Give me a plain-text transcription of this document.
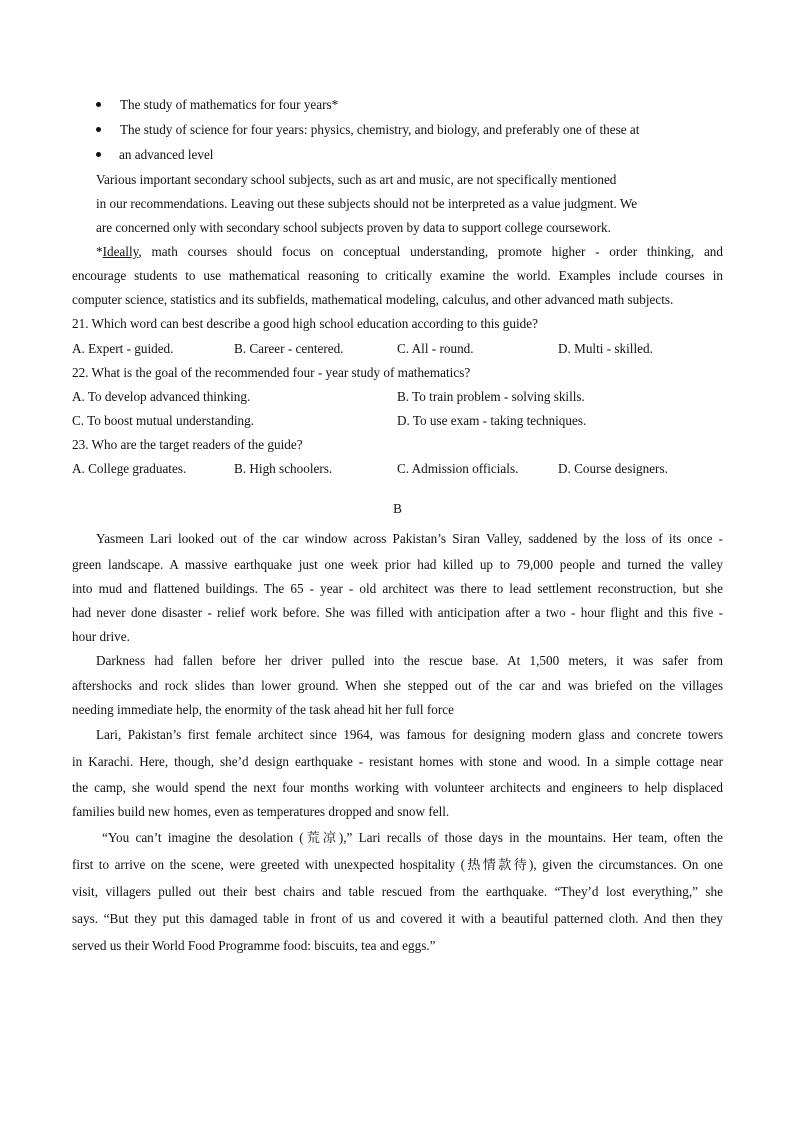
The study of mathematics for four years*
The study of science for four years: physics, chemistry, and biology, and preferably one of these at
an advanced level
Various important secondary school subjects, such as art and music, are not specifically mentioned
in our recommendations. Leaving out these subjects should not be interpreted as a value judgment. We
are concerned only with secondary school subjects proven by data to support college coursework.
*Ideally, math courses should focus on conceptual understanding, promote higher - order thinking, and
encourage students to use mathematical reasoning to critically examine the world. Examples include courses in
computer science, statistics and its subfields, mathematical modeling, calculus, and other advanced math subjects.
21. Which word can best describe a good high school education according to this guide?
A. Expert - guided.	B. Career - centered.	C. All - round.	D. Multi - skilled.
22. What is the goal of the recommended four - year study of mathematics?
A. To develop advanced thinking.	B. To train problem - solving skills.
C. To boost mutual understanding.	D. To use exam - taking techniques.
23. Who are the target readers of the guide?
A. College graduates.	B. High schoolers.	C. Admission officials.	D. Course designers.
B
Yasmeen Lari looked out of the car window across Pakistan’s Siran Valley, saddened by the loss of its once -
green landscape. A massive earthquake just one week prior had killed up to 79,000 people and turned the valley
into mud and flattened buildings. The 65 - year - old architect was there to lead settlement reconstruction, but she
had never done disaster - relief work before. She was filled with anticipation after a two - hour flight and this five -
hour drive.
Darkness had fallen before her driver pulled into the rescue base. At 1,500 meters, it was safer from
aftershocks and rock slides than lower ground. When she stepped out of the car and was briefed on the villages
needing immediate help, the enormity of the task ahead hit her full force
Lari, Pakistan’s first female architect since 1964, was famous for designing modern glass and concrete towers
in Karachi. Here, though, she’d design earthquake - resistant homes with stone and wood. In a simple cottage near
the camp, she would spend the next four months working with volunteer architects and engineers to help displaced
families build new homes, even as temperatures dropped and snow fell.
“You can’t imagine the desolation (荒凉),” Lari recalls of those days in the mountains. Her team, often the
first to arrive on the scene, were greeted with unexpected hospitality (热情款待), given the circumstances. On one
visit, villagers pulled out their best chairs and table rescued from the earthquake. “They’d lost everything,” she
says. “But they put this damaged table in front of us and covered it with a beautiful patterned cloth. And then they
served us their World Food Programme food: biscuits, tea and eggs.”
